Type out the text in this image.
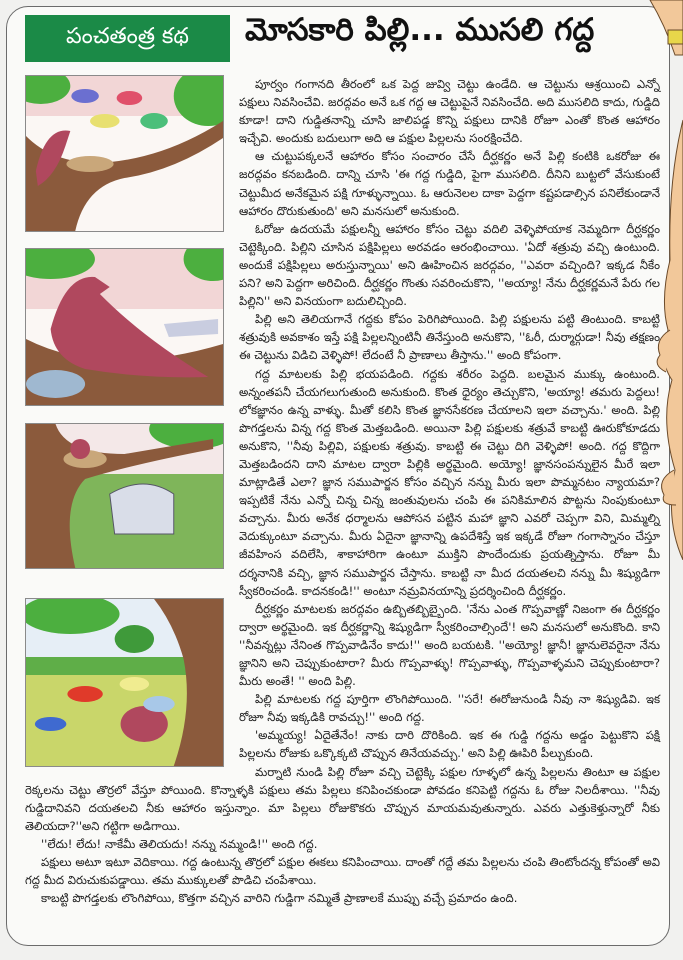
పంచతంత్ర కథ	మోసకారి పిల్లి... ముసలి గద్ద

పూర్వం గంగానది తీరంలో ఒక పెద్ద జువ్వి చెట్టు ఉండేది. ఆ చెట్టును ఆశ్రయించి ఎన్నో పక్షులు నివసించేవి. జరద్గవం అనే ఒక గద్ద ఆ చెట్టుపైనే నివసించేది. అది ముసలిది కాదు, గుడ్డిది కూడా! దాని గుడ్డితనాన్ని చూసి జాలిపడ్డ కొన్ని పక్షులు దానికి రోజూ ఎంతో కొంత ఆహారం ఇచ్చేవి. అందుకు బదులుగా అది ఆ పక్షుల పిల్లలను సంరక్షించేది.

ఆ చుట్టుపక్కలనే ఆహారం కోసం సంచారం చేసే దీర్ఘకర్ణం అనే పిల్లి కంటికి ఒకరోజు ఈ జరద్గవం కనబడింది. దాన్ని చూసి 'ఈ గద్ద గుడ్డిది, పైగా ముసలిది. దీనిని బుట్టలో వేసుకుంటే చెట్టుమీద అనేకమైన పక్షి గూళ్ళున్నాయి. ఓ ఆరునెలల దాకా పెద్దగా కష్టపడాల్సిన పనిలేకుండానే ఆహారం దొరుకుతుంది' అని మనసులో అనుకుంది.

ఓరోజు ఉదయమే పక్షులన్నీ ఆహారం కోసం చెట్టు వదిలి వెళ్ళిపోయాక నెమ్మదిగా దీర్ఘకర్ణం చెట్టెక్కింది. పిల్లిని చూసిన పక్షిపిల్లలు అరవడం ఆరంభించాయి. 'ఏదో శత్రువు వచ్చి ఉంటుంది. అందుకే పక్షిపిల్లలు అరుస్తున్నాయి' అని ఊహించిన జరద్గవం, ''ఎవరా వచ్చింది? ఇక్కడ నీకేం పని? అని పెద్దగా అరిచింది. దీర్ఘకర్ణం గొంతు సవరించుకొని, ''అయ్యా! నేను దీర్ఘకర్ణమనే పేరు గల పిల్లిని'' అని వినయంగా బదులిచ్చింది.

పిల్లి అని తెలియగానే గద్దకు కోపం పెరిగిపోయింది. పిల్లి పక్షులను పట్టి తింటుంది. కాబట్టి శత్రువుకి అవకాశం ఇస్తే పక్షి పిల్లలన్నింటినీ తినేస్తుంది అనుకొని, ''ఓరీ, దుర్మార్గుడా! నీవు తక్షణం ఈ చెట్టును విడిచి వెళ్ళిపో! లేదంటే నీ ప్రాణాలు తీస్తాను.'' అంది కోపంగా.

గద్ద మాటలకు పిల్లి భయపడింది. గద్దకు శరీరం పెద్దది. బలమైన ముక్కు ఉంటుంది. అన్నంతపనీ చేయగలుగుతుంది అనుకుంది. కొంత ధైర్యం తెచ్చుకొని, 'అయ్యా! తమరు పెద్దలు! లోకజ్ఞానం ఉన్న వాళ్ళు. మీతో కలిసి కొంత జ్ఞానసేకరణ చేయాలని ఇలా వచ్చాను.' అంది. పిల్లి పొగడ్తలను విన్న గద్ద కొంత మెత్తబడింది. అయినా పిల్లి పక్షులకు శత్రువే కాబట్టి ఊరుకోకూడదు అనుకొని, ''నీవు పిల్లివి, పక్షులకు శత్రువు. కాబట్టి ఈ చెట్టు దిగి వెళ్ళిపో! అంది. గద్ద కొద్దిగా మెత్తబడిందని దాని మాటల ద్వారా పిల్లికి అర్థమైంది. అయ్యో! జ్ఞానసంపన్నులైన మీరే ఇలా మాట్లాడితే ఎలా? జ్ఞాన సముపార్జన కోసం వచ్చిన నన్ను మీరు ఇలా పొమ్మనటం న్యాయమా? ఇప్పటికే నేను ఎన్నో చిన్న చిన్న జంతువులను చంపి ఈ పనికిమాలిన పొట్టను నింపుకుంటూ వచ్చాను. మీరు అనేక ధర్మాలను ఆపోసన పట్టిన మహా జ్ఞాని ఎవరో చెప్పగా విని, మిమ్మల్ని వెదుక్కుంటూ వచ్చాను. మీరు ఏదైనా జ్ఞానాన్ని ఉపదేశిస్తే ఇక ఇక్కడే రోజూ గంగాస్నానం చేస్తూ జీవహింస వదిలేసి, శాకాహారిగా ఉంటూ ముక్తిని పొందేందుకు ప్రయత్నిస్తాను. రోజూ మీ దర్శనానికి వచ్చి, జ్ఞాన సముపార్జన చేస్తాను. కాబట్టి నా మీద దయతలచి నన్ను మీ శిష్యుడిగా స్వీకరించండి. కాదనకండి!'' అంటూ నమ్రవినయాన్ని ప్రదర్శించింది దీర్ఘకర్ణం.

దీర్ఘకర్ణం మాటలకు జరద్గవం ఉబ్బితబ్బిబ్బైంది. 'నేను ఎంత గొప్పవాణ్ణో నిజంగా ఈ దీర్ఘకర్ణం ద్వారా అర్థమైంది. ఇక దీర్ఘకర్ణాన్ని శిష్యుడిగా స్వీకరించాల్సిందే'! అని మనసులో అనుకొంది. కాని ''నీవన్నట్లు నేనింత గొప్పవాడినేం కాదు!'' అంది బయటకి. ''అయ్యో! జ్ఞానీ! జ్ఞానులెవరైనా నేను జ్ఞానిని అని చెప్పుకుంటారా? మీరు గొప్పవాళ్ళు! గొప్పవాళ్ళు, గొప్పవాళ్ళమని చెప్పుకుంటారా? మీరు అంతే! '' అంది పిల్లి.

పిల్లి మాటలకు గద్ద పూర్తిగా లొంగిపోయింది. ''సరే! ఈరోజునుండి నీవు నా శిష్యుడివి. ఇక రోజూ నీవు ఇక్కడికి రావచ్చు!'' అంది గద్ద.

'అమ్మయ్య! ఏదైతేనేం! నాకు దారి దొరికింది. ఇక ఈ గుడ్డి గద్దను అడ్డం పెట్టుకొని పక్షి పిల్లలను రోజుకు ఒక్కొక్కటి చొప్పున తినేయవచ్చు.' అని పిల్లి ఊపిరి పీల్చుకుంది.

మర్నాటి నుండి పిల్లి రోజూ వచ్చి చెట్టెక్కి పక్షుల గూళ్ళలో ఉన్న పిల్లలను తింటూ ఆ పక్షుల రెక్కలను చెట్టు తొర్రలో వేస్తూ పోయింది. కొన్నాళ్ళకి పక్షులు తమ పిల్లలు కనిపించకుండా పోవడం కనిపెట్టి గద్దను ఓ రోజు నిలదీశాయి. ''నీవు గుడ్డిదానివని దయతలచి నీకు ఆహారం ఇస్తున్నాం. మా పిల్లలు రోజుకొకరు చొప్పున మాయమవుతున్నారు. ఎవరు ఎత్తుకెళ్తున్నారో నీకు తెలియదా?''అని గట్టిగా అడిగాయి.

''లేదు! లేదు! నాకేమీ తెలియదు! నన్ను నమ్మండి!'' అంది గద్ద.

పక్షులు అటూ ఇటూ వెదికాయి. గద్ద ఉంటున్న తొర్రలో పక్షుల ఈకలు కనిపించాయి. దాంతో గద్దే తమ పిల్లలను చంపి తింటోందన్న కోపంతో అవి గద్ద మీద విరుచుకుపడ్డాయి. తమ ముక్కులతో పొడిచి చంపేశాయి.

కాబట్టి పొగడ్తలకు లొంగిపోయి, కొత్తగా వచ్చిన వారిని గుడ్డిగా నమ్మితే ప్రాణాలకే ముప్పు వచ్చే ప్రమాదం ఉంది.
